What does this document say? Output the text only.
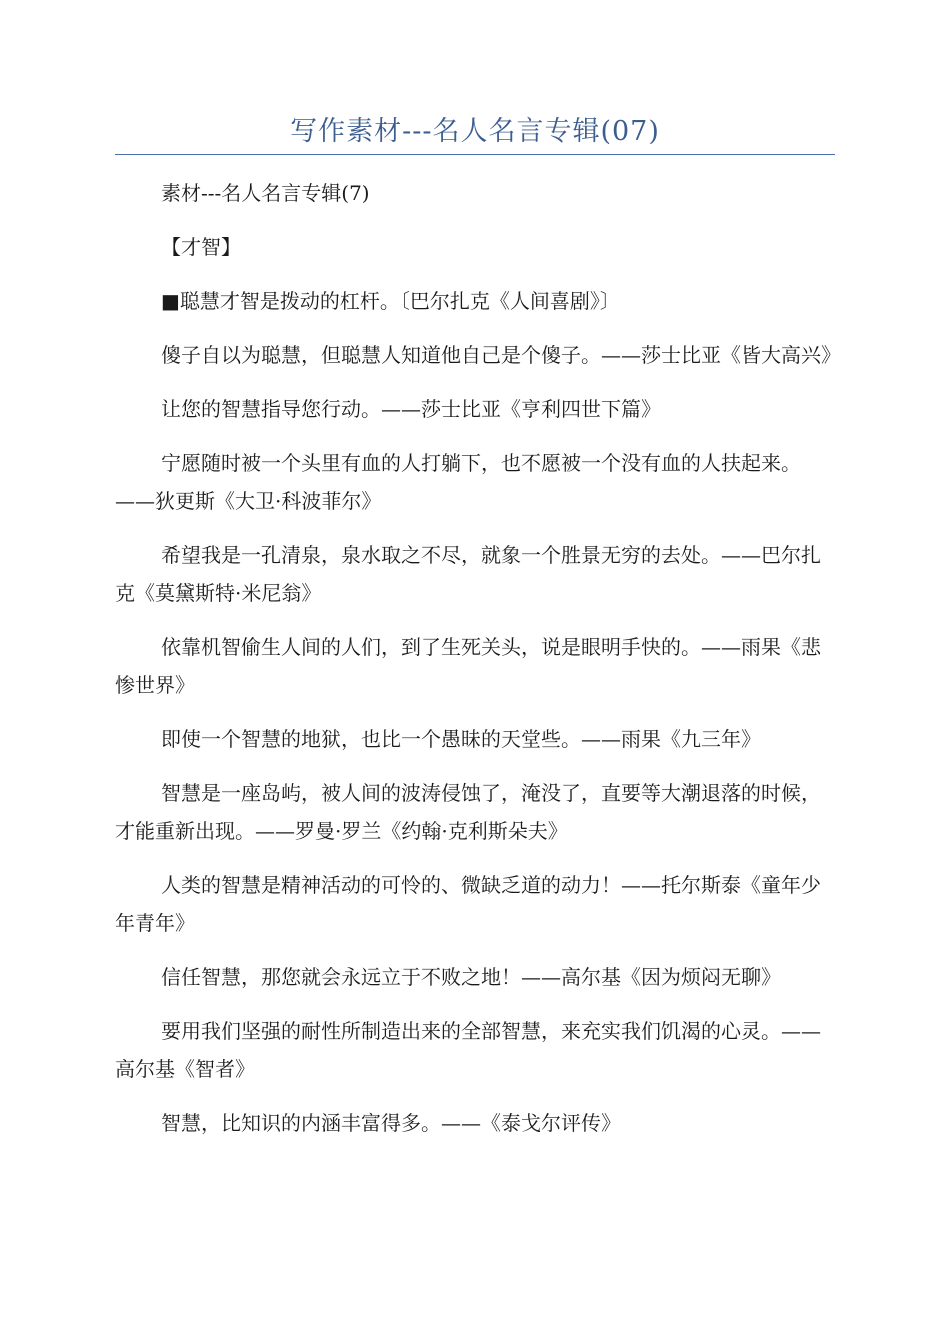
写作素材---名人名言专辑(07)

素材---名人名言专辑(7)

【才智】

■聪慧才智是拨动的杠杆。〔巴尔扎克《人间喜剧》〕

傻子自以为聪慧，但聪慧人知道他自己是个傻子。——莎士比亚《皆大高兴》

让您的智慧指导您行动。——莎士比亚《亨利四世下篇》

宁愿随时被一个头里有血的人打躺下，也不愿被一个没有血的人扶起来。——狄更斯《大卫·科波菲尔》

希望我是一孔清泉，泉水取之不尽，就象一个胜景无穷的去处。——巴尔扎克《莫黛斯特·米尼翁》

依靠机智偷生人间的人们，到了生死关头，说是眼明手快的。——雨果《悲惨世界》

即使一个智慧的地狱，也比一个愚昧的天堂些。——雨果《九三年》

智慧是一座岛屿，被人间的波涛侵蚀了，淹没了，直要等大潮退落的时候，才能重新出现。——罗曼·罗兰《约翰·克利斯朵夫》

人类的智慧是精神活动的可怜的、微缺乏道的动力！——托尔斯泰《童年少年青年》

信任智慧，那您就会永远立于不败之地！——高尔基《因为烦闷无聊》

要用我们坚强的耐性所制造出来的全部智慧，来充实我们饥渴的心灵。——高尔基《智者》

智慧，比知识的内涵丰富得多。——《泰戈尔评传》
